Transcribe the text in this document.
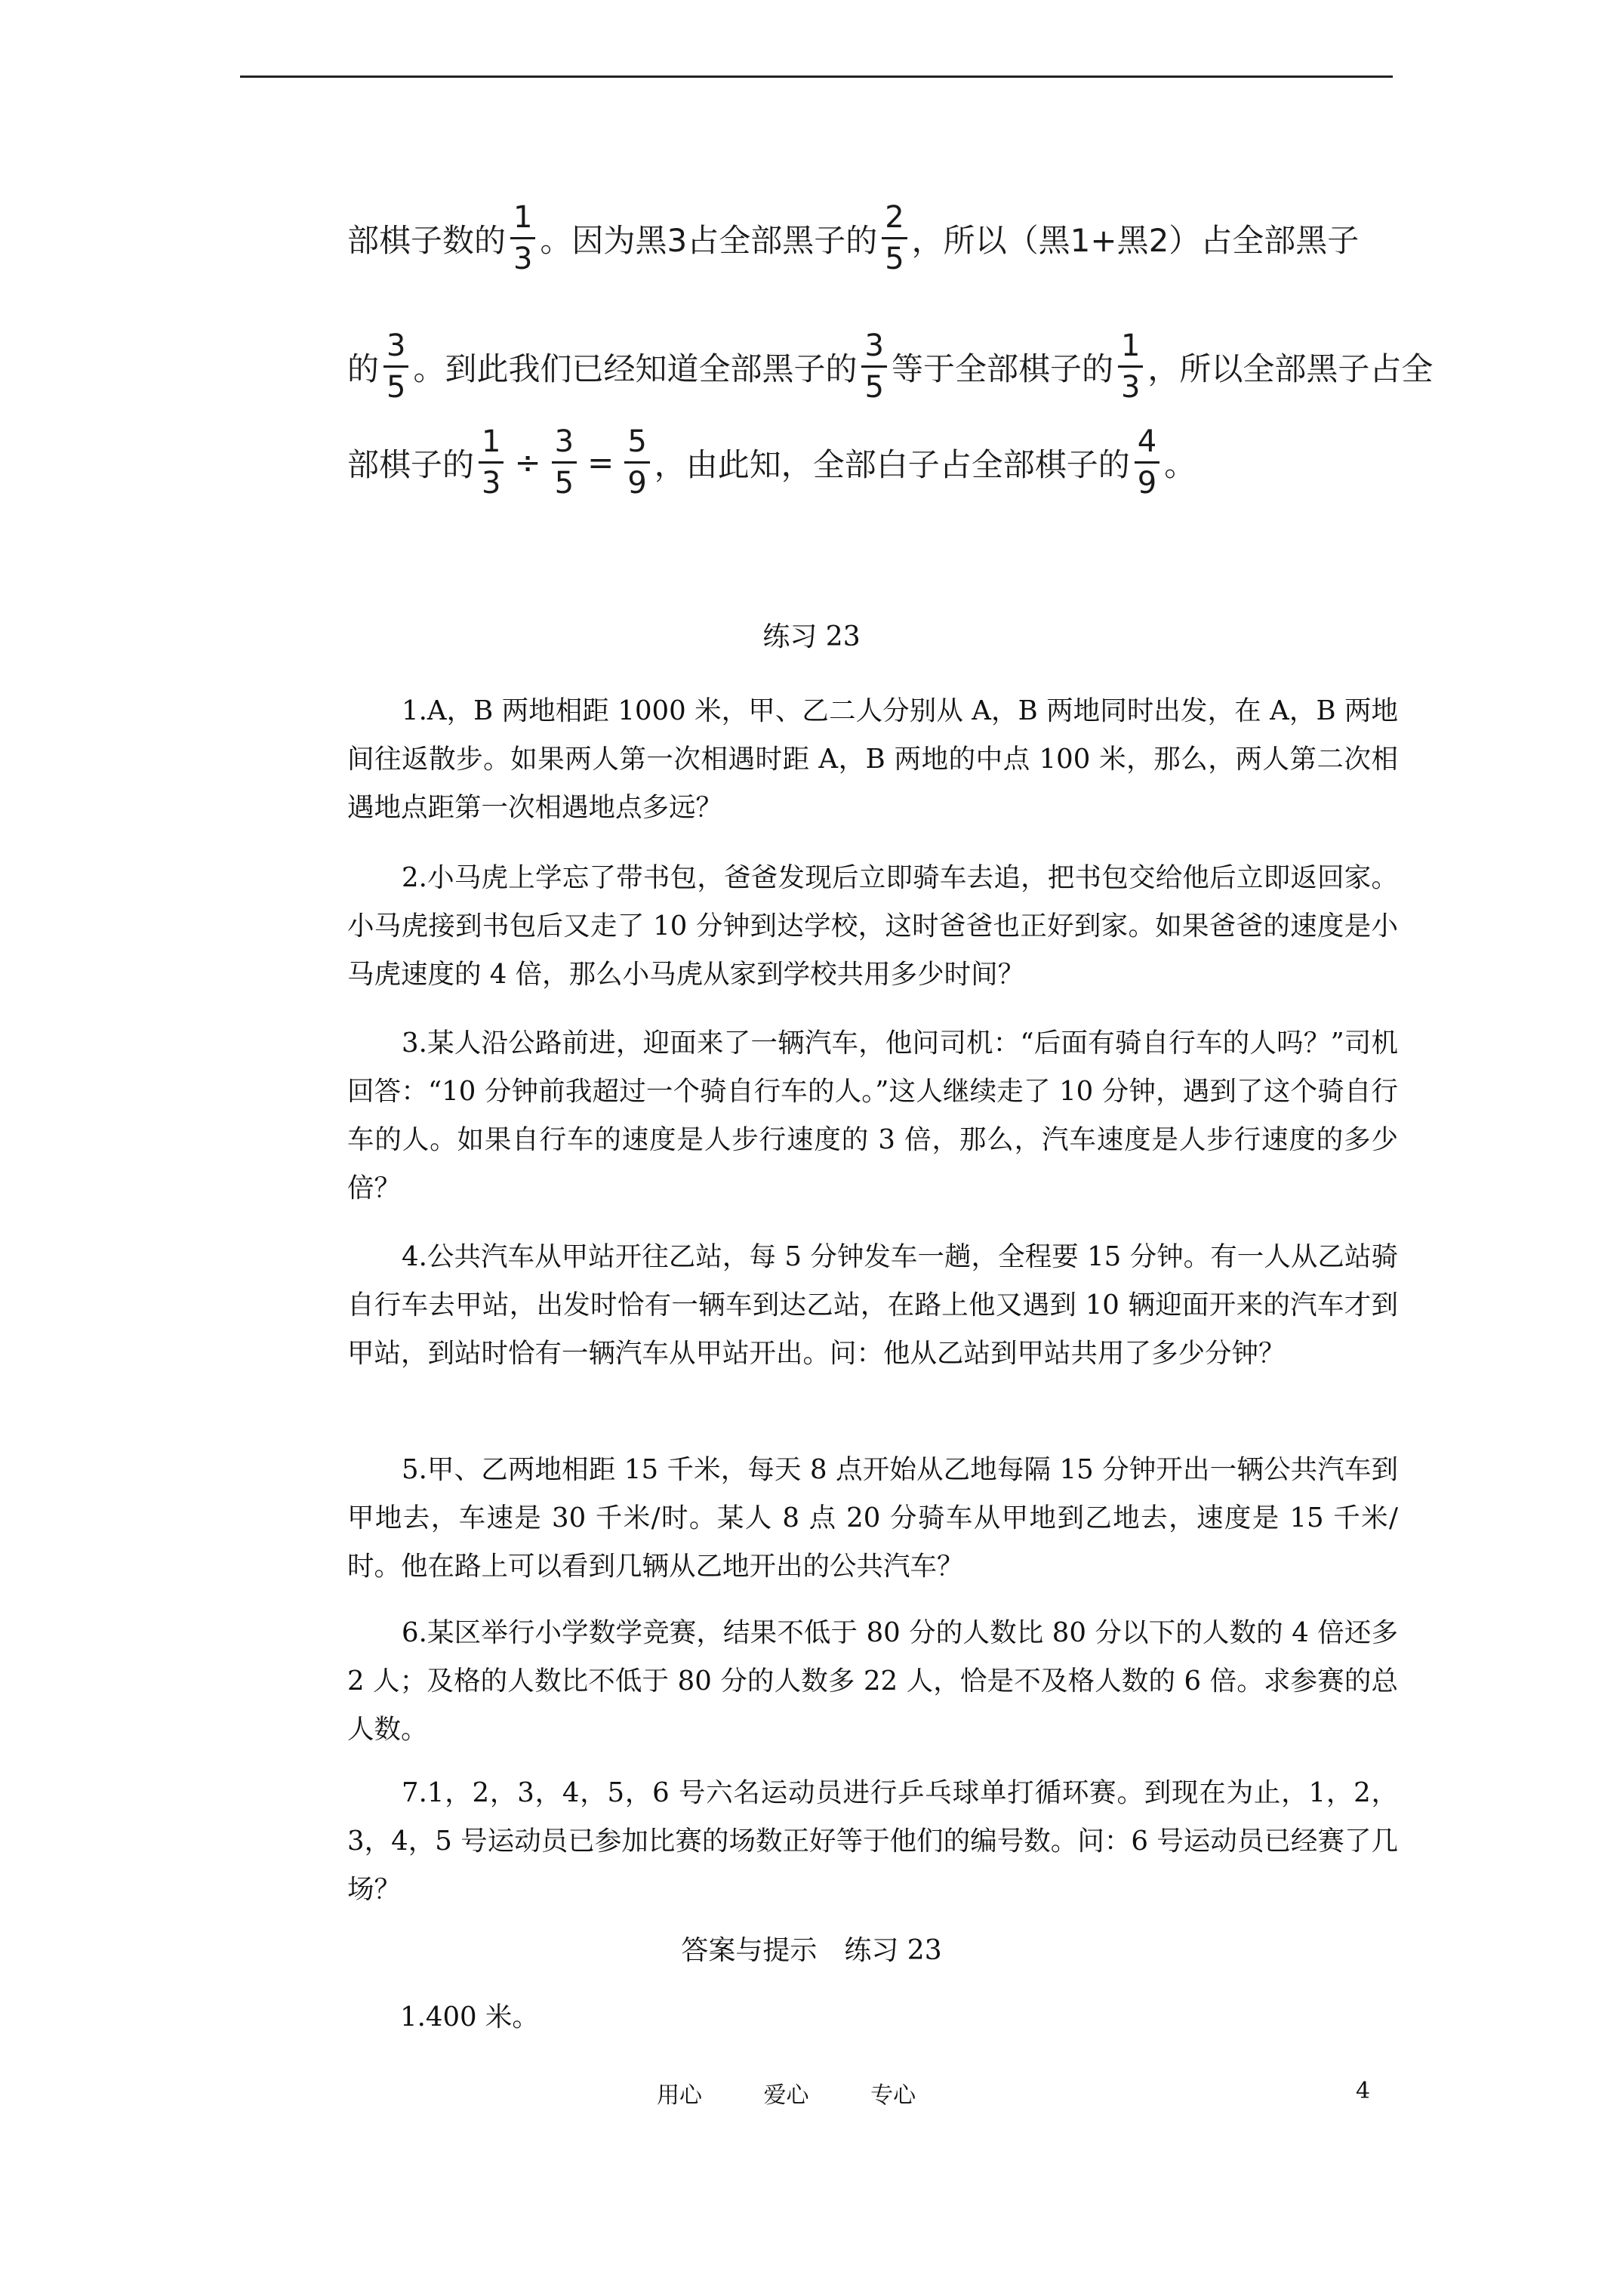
部棋子数的 $\frac{1}{3}$ 。因为黑3占全部黑子的 $\frac{2}{5}$ ，所以（黑1+黑2）占全部黑子
的 $\frac{3}{5}$ 。到此我们已经知道全部黑子的 $\frac{3}{5}$ 等于全部棋子的 $\frac{1}{3}$ ，所以全部黑子占全
部棋子的 $\frac{1}{3} \div \frac{3}{5} = \frac{5}{9}$ ，由此知，全部白子占全部棋子的 $\frac{4}{9}$ 。
练习 23

1.A，B 两地相距 1000 米，甲、乙二人分别从 A，B 两地同时出发，在 A，B 两地间往返散步。如果两人第一次相遇时距 A，B 两地的中点 100 米，那么，两人第二次相遇地点距第一次相遇地点多远？

2.小马虎上学忘了带书包，爸爸发现后立即骑车去追，把书包交给他后立即返回家。小马虎接到书包后又走了 10 分钟到达学校，这时爸爸也正好到家。如果爸爸的速度是小马虎速度的 4 倍，那么小马虎从家到学校共用多少时间？

3.某人沿公路前进，迎面来了一辆汽车，他问司机：“后面有骑自行车的人吗？”司机回答：“10 分钟前我超过一个骑自行车的人。”这人继续走了 10 分钟，遇到了这个骑自行车的人。如果自行车的速度是人步行速度的 3 倍，那么，汽车速度是人步行速度的多少倍？

4.公共汽车从甲站开往乙站，每 5 分钟发车一趟，全程要 15 分钟。有一人从乙站骑自行车去甲站，出发时恰有一辆车到达乙站，在路上他又遇到 10 辆迎面开来的汽车才到甲站，到站时恰有一辆汽车从甲站开出。问：他从乙站到甲站共用了多少分钟？

5.甲、乙两地相距 15 千米，每天 8 点开始从乙地每隔 15 分钟开出一辆公共汽车到甲地去，车速是 30 千米/时。某人 8 点 20 分骑车从甲地到乙地去，速度是 15 千米/时。他在路上可以看到几辆从乙地开出的公共汽车？

6.某区举行小学数学竞赛，结果不低于 80 分的人数比 80 分以下的人数的 4 倍还多 2 人；及格的人数比不低于 80 分的人数多 22 人，恰是不及格人数的 6 倍。求参赛的总人数。

7.1，2，3，4，5，6 号六名运动员进行乒乓球单打循环赛。到现在为止，1，2，3，4，5 号运动员已参加比赛的场数正好等于他们的编号数。问：6 号运动员已经赛了几场？

答案与提示　练习 23
1.400 米。
用心	爱心	专心	4
